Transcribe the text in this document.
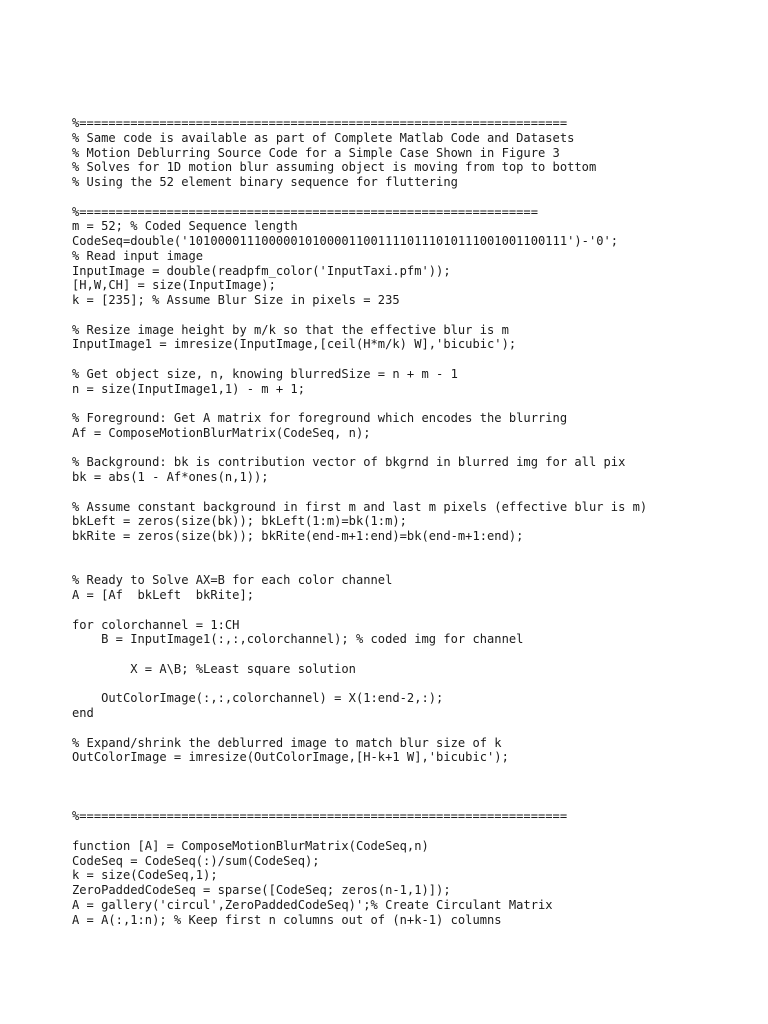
%===================================================================
% Same code is available as part of Complete Matlab Code and Datasets
% Motion Deblurring Source Code for a Simple Case Shown in Figure 3
% Solves for 1D motion blur assuming object is moving from top to bottom
% Using the 52 element binary sequence for fluttering
%===============================================================
m = 52; % Coded Sequence length
CodeSeq=double('1010000111000001010000110011110111010111001001100111')-'0';
% Read input image
InputImage = double(readpfm_color('InputTaxi.pfm'));
[H,W,CH] = size(InputImage);
k = [235]; % Assume Blur Size in pixels = 235
% Resize image height by m/k so that the effective blur is m
InputImage1 = imresize(InputImage,[ceil(H*m/k) W],'bicubic');
% Get object size, n, knowing blurredSize = n + m - 1
n = size(InputImage1,1) - m + 1;
% Foreground: Get A matrix for foreground which encodes the blurring
Af = ComposeMotionBlurMatrix(CodeSeq, n);
% Background: bk is contribution vector of bkgrnd in blurred img for all pix
bk = abs(1 - Af*ones(n,1));
% Assume constant background in first m and last m pixels (effective blur is m)
bkLeft = zeros(size(bk)); bkLeft(1:m)=bk(1:m);
bkRite = zeros(size(bk)); bkRite(end-m+1:end)=bk(end-m+1:end);
% Ready to Solve AX=B for each color channel
A = [Af  bkLeft  bkRite];
for colorchannel = 1:CH
B = InputImage1(:,:,colorchannel); % coded img for channel
X = A\B; %Least square solution
OutColorImage(:,:,colorchannel) = X(1:end-2,:);
end
% Expand/shrink the deblurred image to match blur size of k
OutColorImage = imresize(OutColorImage,[H-k+1 W],'bicubic');
%===================================================================
function [A] = ComposeMotionBlurMatrix(CodeSeq,n)
CodeSeq = CodeSeq(:)/sum(CodeSeq);
k = size(CodeSeq,1);
ZeroPaddedCodeSeq = sparse([CodeSeq; zeros(n-1,1)]);
A = gallery('circul',ZeroPaddedCodeSeq)';% Create Circulant Matrix
A = A(:,1:n); % Keep first n columns out of (n+k-1) columns
